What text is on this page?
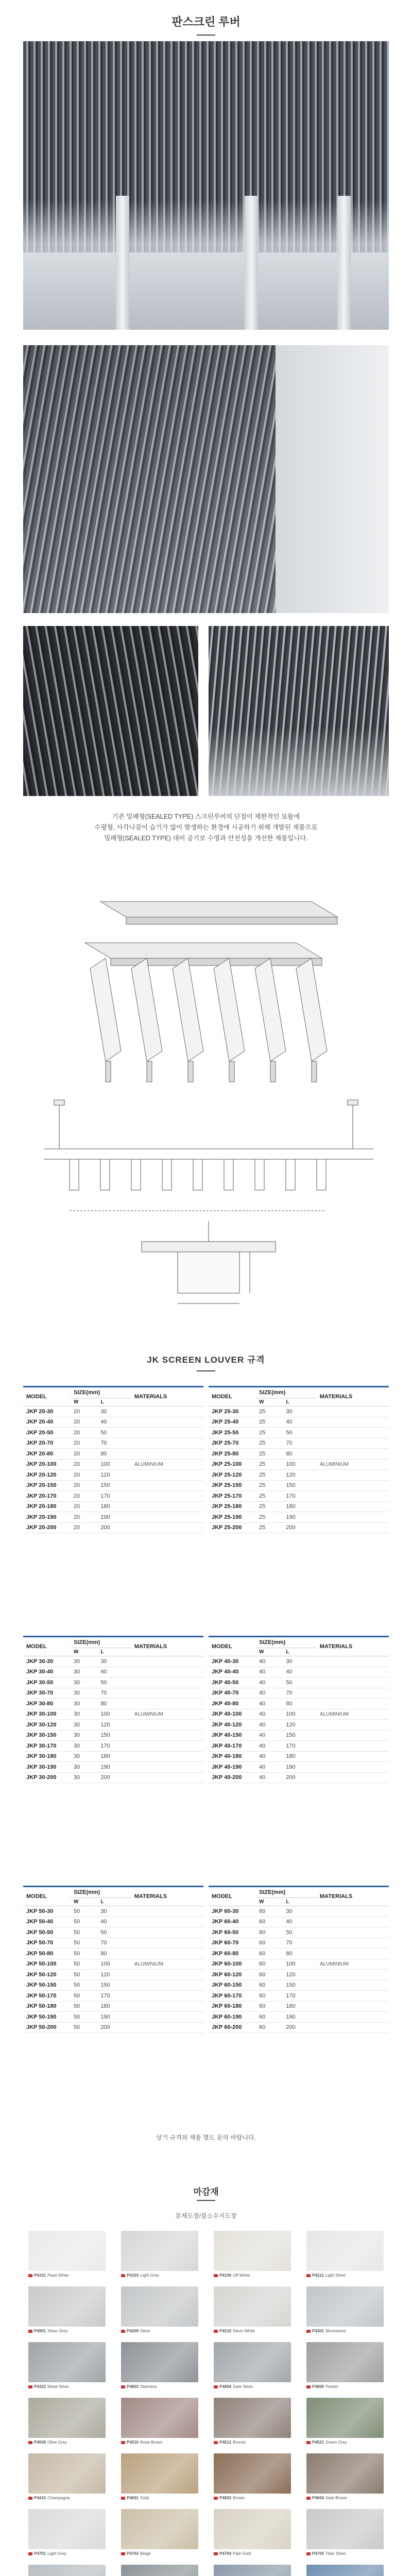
판스크린 루버
기존 밀폐형(SEALED TYPE) 스크린루버의 단점이 제한적인 모듈에
수평형, 사각나갈이 습기가 많이 발생하는 환경에 시공하기 위해 개발된 제품으로
밀폐형(SEALED TYPE) 대비 공기보 수명과 안전성을 개선한 제품입니다.
JK SCREEN LOUVER 규격
MODEL	SIZE(mm)		MATERIALS
	W	L	
JKP 20-30	20	30	
JKP 20-40	20	40	
JKP 20-50	20	50	
JKP 20-70	20	70	
JKP 20-80	20	80	
JKP 20-100	20	100	ALUMINIUM
JKP 20-120	20	120	
JKP 20-150	20	150	
JKP 20-170	20	170	
JKP 20-180	20	180	
JKP 20-190	20	190	
JKP 20-200	20	200	
MODEL	SIZE(mm)		MATERIALS
	W	L	
JKP 25-30	25	30	
JKP 25-40	25	40	
JKP 25-50	25	50	
JKP 25-70	25	70	
JKP 25-80	25	80	
JKP 25-100	25	100	ALUMINIUM
JKP 25-120	25	120	
JKP 25-150	25	150	
JKP 25-170	25	170	
JKP 25-180	25	180	
JKP 25-190	25	190	
JKP 25-200	25	200	
MODEL	SIZE(mm)		MATERIALS
	W	L	
JKP 30-30	30	30	
JKP 30-40	30	40	
JKP 30-50	30	50	
JKP 30-70	30	70	
JKP 30-80	30	80	
JKP 30-100	30	100	ALUMINIUM
JKP 30-120	30	120	
JKP 30-150	30	150	
JKP 30-170	30	170	
JKP 30-180	30	180	
JKP 30-190	30	190	
JKP 30-200	30	200	
MODEL	SIZE(mm)		MATERIALS
	W	L	
JKP 40-30	40	30	
JKP 40-40	40	40	
JKP 40-50	40	50	
JKP 40-70	40	70	
JKP 40-80	40	80	
JKP 40-100	40	100	ALUMINIUM
JKP 40-120	40	120	
JKP 40-150	40	150	
JKP 40-170	40	170	
JKP 40-180	40	180	
JKP 40-190	40	190	
JKP 40-200	40	200	
MODEL	SIZE(mm)		MATERIALS
	W	L	
JKP 50-30	50	30	
JKP 50-40	50	40	
JKP 50-50	50	50	
JKP 50-70	50	70	
JKP 50-80	50	80	
JKP 50-100	50	100	ALUMINIUM
JKP 50-120	50	120	
JKP 50-150	50	150	
JKP 50-170	50	170	
JKP 50-180	50	180	
JKP 50-190	50	190	
JKP 50-200	50	200	
MODEL	SIZE(mm)		MATERIALS
	W	L	
JKP 60-30	60	30	
JKP 60-40	60	40	
JKP 60-50	60	50	
JKP 60-70	60	70	
JKP 60-80	60	80	
JKP 60-100	60	100	ALUMINIUM
JKP 60-120	60	120	
JKP 60-150	60	150	
JKP 60-170	60	170	
JKP 60-180	60	180	
JKP 60-190	60	190	
JKP 60-200	60	200	
상기 규격외 제품 별도 문의 바랍니다.
마감재
분체도장/불소수지도장
P4101 Pearl White	P4103 Light Grey	P4109 Off White	P4112 Light Silver
P4901 Silver Grey	P4209 Silver	P4210 Silver White	P4301 Moonstone
P4322 Metal Silver	P4803 Stainless	P4804 Dark Silver	P4806 Pewter
P4509 Olive Grey	P4510 Rose Brown	P4512 Bronze	P4521 Green Grey
P4410 Champagne	P4601 Gold	P4602 Brown	P4604 Dark Brown
P4701 Light Grey	P4703 Beige	P4704 Pale Gold	P4705 Titan Silver
